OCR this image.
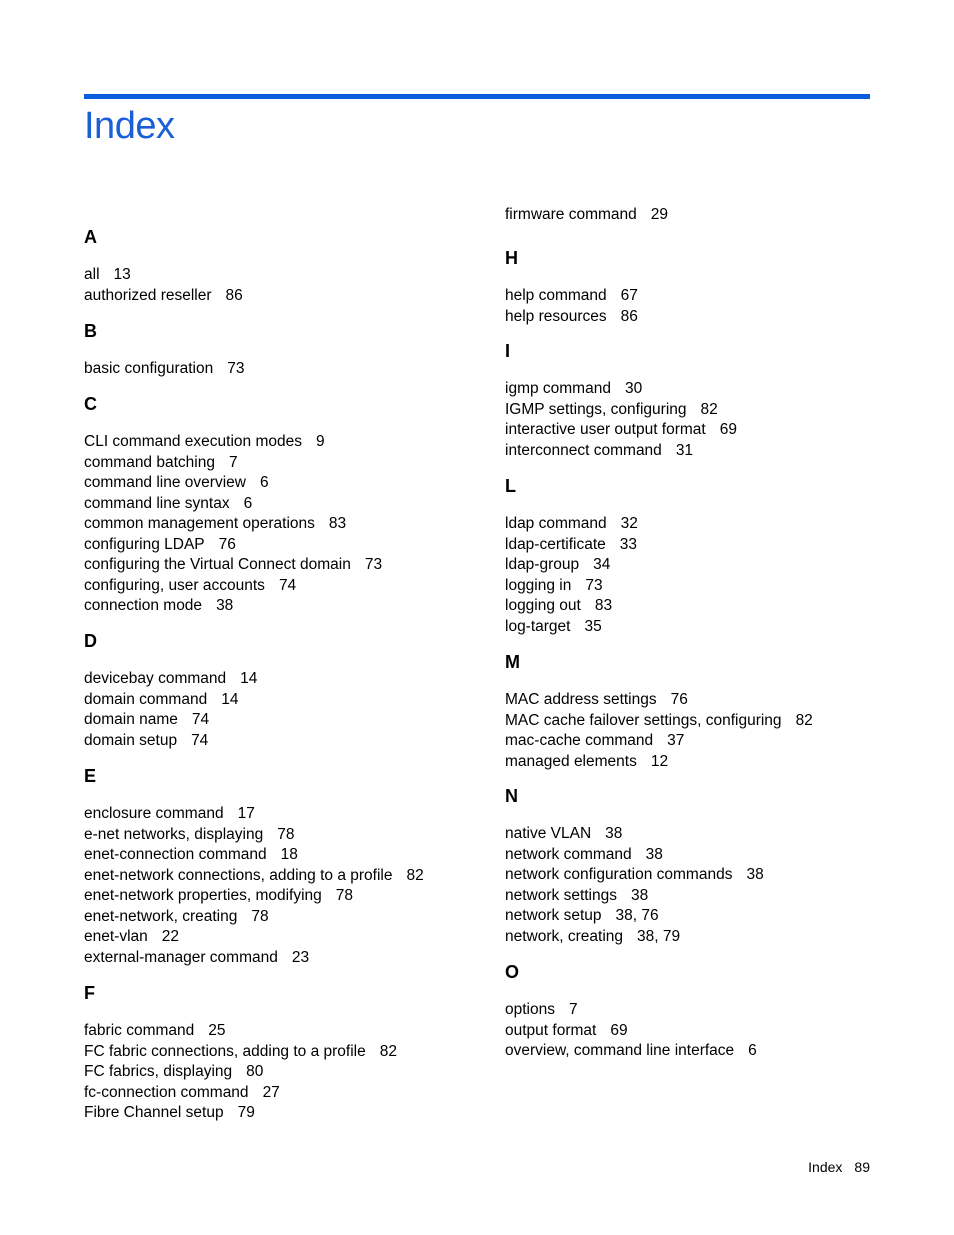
Index
A
all 13
authorized reseller 86
B
basic configuration 73
C
CLI command execution modes 9
command batching 7
command line overview 6
command line syntax 6
common management operations 83
configuring LDAP 76
configuring the Virtual Connect domain 73
configuring, user accounts 74
connection mode 38
D
devicebay command 14
domain command 14
domain name 74
domain setup 74
E
enclosure command 17
e-net networks, displaying 78
enet-connection command 18
enet-network connections, adding to a profile 82
enet-network properties, modifying 78
enet-network, creating 78
enet-vlan 22
external-manager command 23
F
fabric command 25
FC fabric connections, adding to a profile 82
FC fabrics, displaying 80
fc-connection command 27
Fibre Channel setup 79
firmware command 29
H
help command 67
help resources 86
I
igmp command 30
IGMP settings, configuring 82
interactive user output format 69
interconnect command 31
L
ldap command 32
ldap-certificate 33
ldap-group 34
logging in 73
logging out 83
log-target 35
M
MAC address settings 76
MAC cache failover settings, configuring 82
mac-cache command 37
managed elements 12
N
native VLAN 38
network command 38
network configuration commands 38
network settings 38
network setup 38, 76
network, creating 38, 79
O
options 7
output format 69
overview, command line interface 6
Index 89
